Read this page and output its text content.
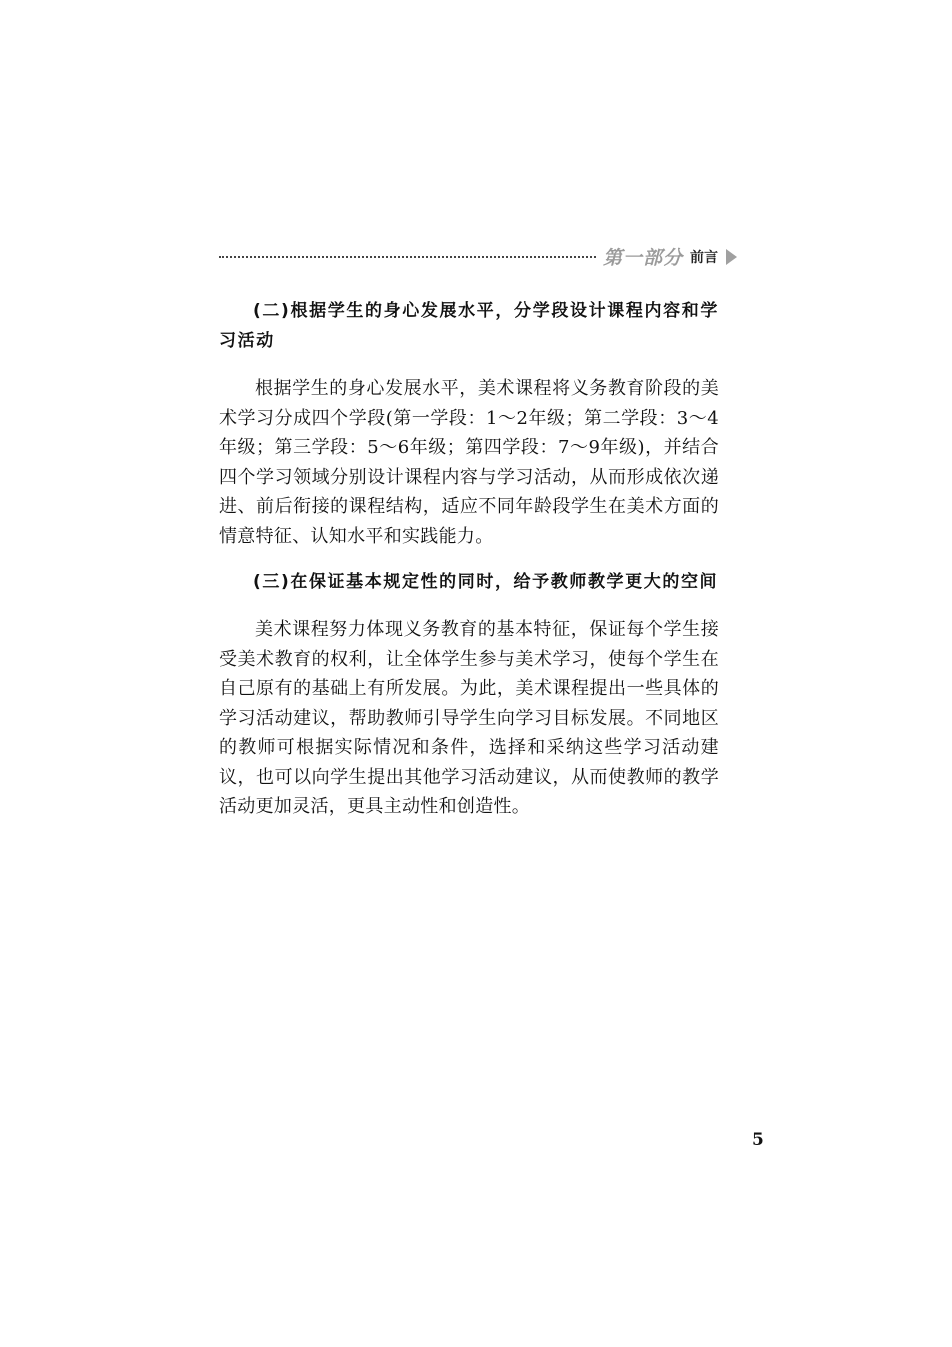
第一部分 前言

(二)根据学生的身心发展水平，分学段设计课程内容和学习活动

根据学生的身心发展水平，美术课程将义务教育阶段的美术学习分成四个学段(第一学段：1～2年级；第二学段：3～4年级；第三学段：5～6年级；第四学段：7～9年级)，并结合四个学习领域分别设计课程内容与学习活动，从而形成依次递进、前后衔接的课程结构，适应不同年龄段学生在美术方面的情意特征、认知水平和实践能力。

(三)在保证基本规定性的同时，给予教师教学更大的空间

美术课程努力体现义务教育的基本特征，保证每个学生接受美术教育的权利，让全体学生参与美术学习，使每个学生在自己原有的基础上有所发展。为此，美术课程提出一些具体的学习活动建议，帮助教师引导学生向学习目标发展。不同地区的教师可根据实际情况和条件，选择和采纳这些学习活动建议，也可以向学生提出其他学习活动建议，从而使教师的教学活动更加灵活，更具主动性和创造性。

5
